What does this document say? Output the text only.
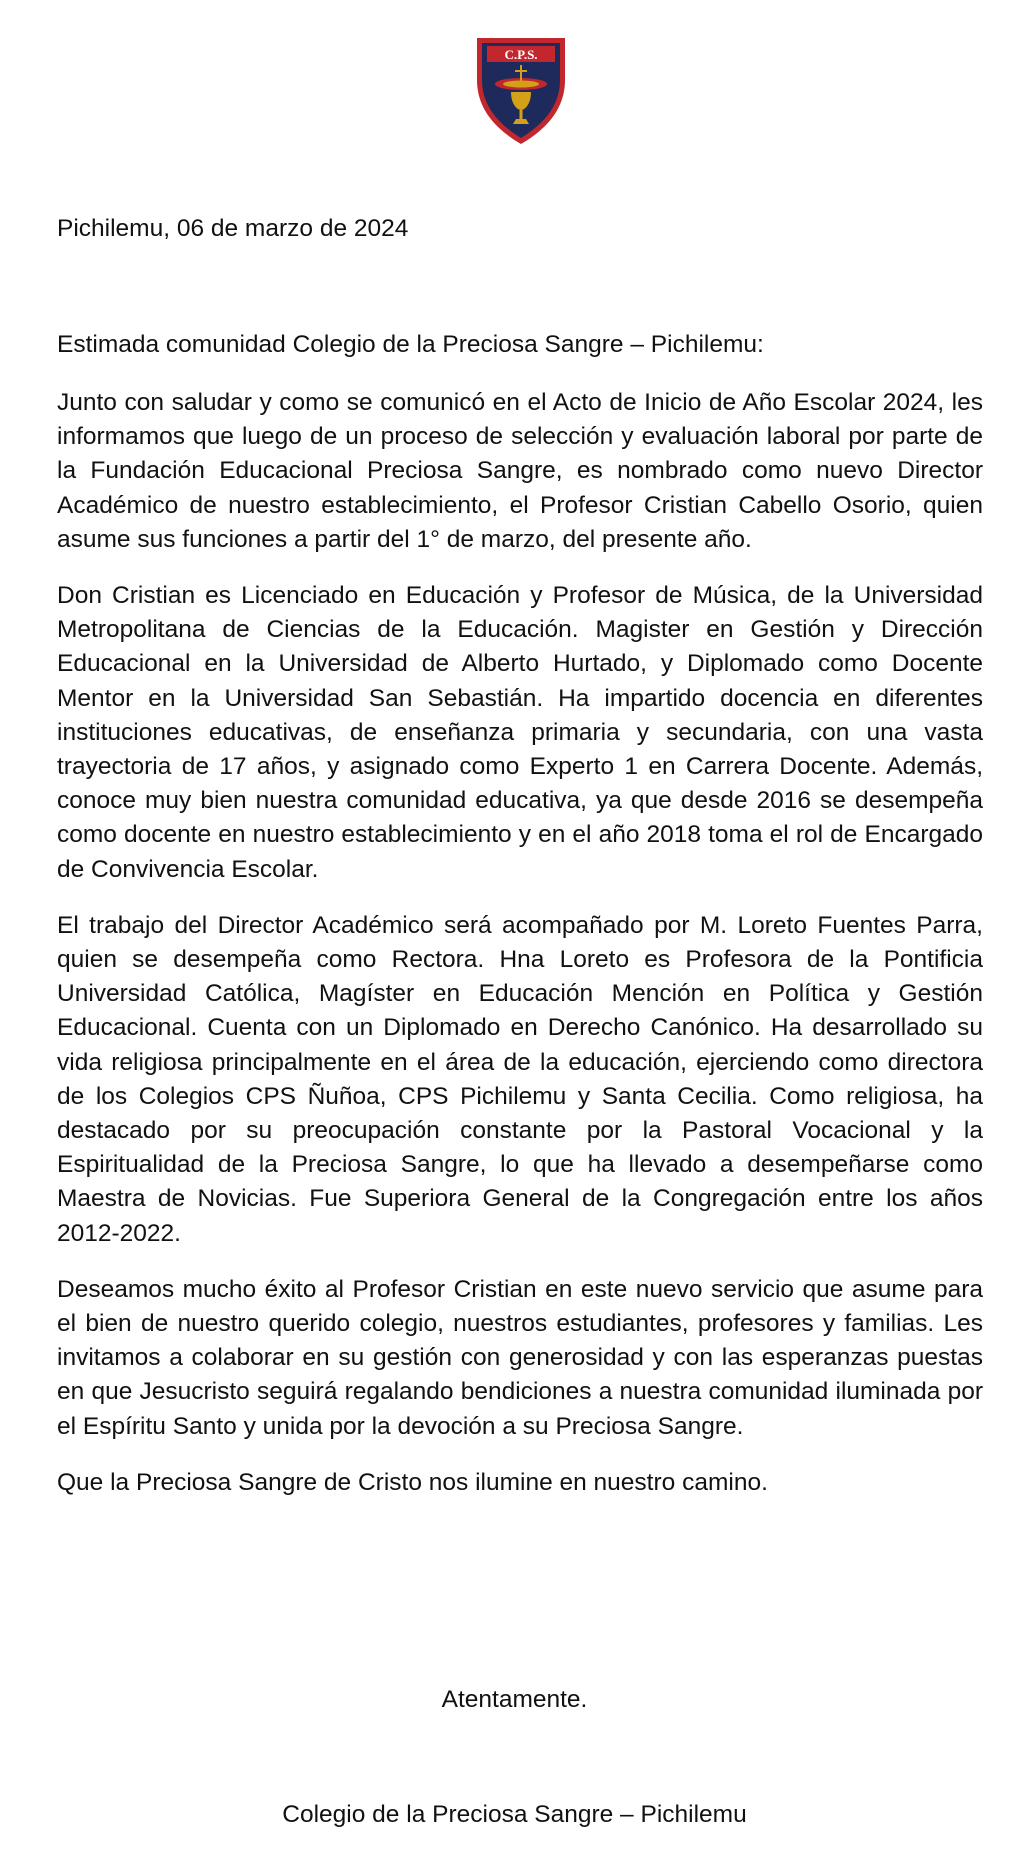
C.P.S.
Pichilemu, 06 de marzo de 2024
Estimada comunidad Colegio de la Preciosa Sangre – Pichilemu:

Junto con saludar y como se comunicó en el Acto de Inicio de Año Escolar 2024, les informamos que luego de un proceso de selección y evaluación laboral por parte de la Fundación Educacional Preciosa Sangre, es nombrado como nuevo Director Académico de nuestro establecimiento, el Profesor Cristian Cabello Osorio, quien asume sus funciones a partir del 1° de marzo, del presente año.

Don Cristian es Licenciado en Educación y Profesor de Música, de la Universidad Metropolitana de Ciencias de la Educación. Magister en Gestión y Dirección Educacional en la Universidad de Alberto Hurtado, y Diplomado como Docente Mentor en la Universidad San Sebastián. Ha impartido docencia en diferentes instituciones educativas, de enseñanza primaria y secundaria, con una vasta trayectoria de 17 años, y asignado como Experto 1 en Carrera Docente. Además, conoce muy bien nuestra comunidad educativa, ya que desde 2016 se desempeña como docente en nuestro establecimiento y en el año 2018 toma el rol de Encargado de Convivencia Escolar.

El trabajo del Director Académico será acompañado por M. Loreto Fuentes Parra, quien se desempeña como Rectora. Hna Loreto es Profesora de la Pontificia Universidad Católica, Magíster en Educación Mención en Política y Gestión Educacional. Cuenta con un Diplomado en Derecho Canónico. Ha desarrollado su vida religiosa principalmente en el área de la educación, ejerciendo como directora de los Colegios CPS Ñuñoa, CPS Pichilemu y Santa Cecilia. Como religiosa, ha destacado por su preocupación constante por la Pastoral Vocacional y la Espiritualidad de la Preciosa Sangre, lo que ha llevado a desempeñarse como Maestra de Novicias. Fue Superiora General de la Congregación entre los años 2012-2022.

Deseamos mucho éxito al Profesor Cristian en este nuevo servicio que asume para el bien de nuestro querido colegio, nuestros estudiantes, profesores y familias. Les invitamos a colaborar en su gestión con generosidad y con las esperanzas puestas en que Jesucristo seguirá regalando bendiciones a nuestra comunidad iluminada por el Espíritu Santo y unida por la devoción a su Preciosa Sangre.

Que la Preciosa Sangre de Cristo nos ilumine en nuestro camino.

Atentamente.
Colegio de la Preciosa Sangre – Pichilemu
